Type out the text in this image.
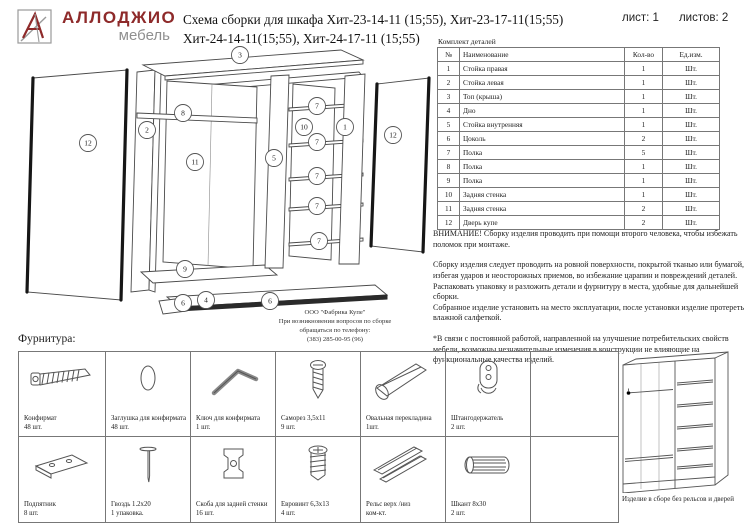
АЛЛОДЖИО
мебель
Схема сборки для шкафа Хит-23-14-11 (15;55), Хит-23-17-11(15;55)
Хит-24-14-11(15;55), Хит-24-17-11 (15;55)
лист: 1 листов: 2
Комплект деталей
№	Наименование	Кол-во	Ед.изм.
1	Стойка правая	1	Шт.
2	Стойка левая	1	Шт.
3	Топ (крыша)	1	Шт.
4	Дно	1	Шт.
5	Стойка внутренняя	1	Шт.
6	Цоколь	2	Шт.
7	Полка	5	Шт.
8	Полка	1	Шт.
9	Полка	1	Шт.
10	Задняя стенка	1	Шт.
11	Задняя стенка	2	Шт.
12	Дверь купе	2	Шт.

ВНИМАНИЕ! Сборку изделия проводить при помощи второго человека, чтобы избежать поломок при монтаже.

Сборку изделия следует проводить на ровной поверхности, покрытой тканью или бумагой, избегая ударов и неосторожных приемов, во избежание царапин и повреждений деталей.

Распаковать упаковку и разложить детали и фурнитуру в места, удобные для дальнейшей сборки.

Собранное изделие установить на место эксплуатации, после установки изделие протереть влажной салфеткой.

*В связи с постоянной работой, направленной на улучшение потребительских свойств мебели, возможны незначительные изменения в конструкции не влияющие на функциональные качества изделий.

ООО "Фабрика Купе"
При возникновении вопросов по сборке
обращаться по телефону:
(383) 285-00-95 (96)
3
12
2
8
11
9
5
10
7
7
7
7
7
1
12
6	4	6
Фурнитура:
Конфирмат
48 шт.
Заглушка для конфирмата
48 шт.
Ключ для конфирмата
1 шт.
Саморез 3,5х11
9 шт.
Овальная перекладина
1шт.
Штангодержатель
2 шт.
Подпятник
8 шт.
Гвоздь 1.2х20
1 упаковка.
Скоба для задней стенки
16 шт.
Евровинт 6,3х13
4 шт.
Рельс верх /низ
ком-кт.
Шкант 8х30
2 шт.
Изделие в сборе без рельсов и дверей
